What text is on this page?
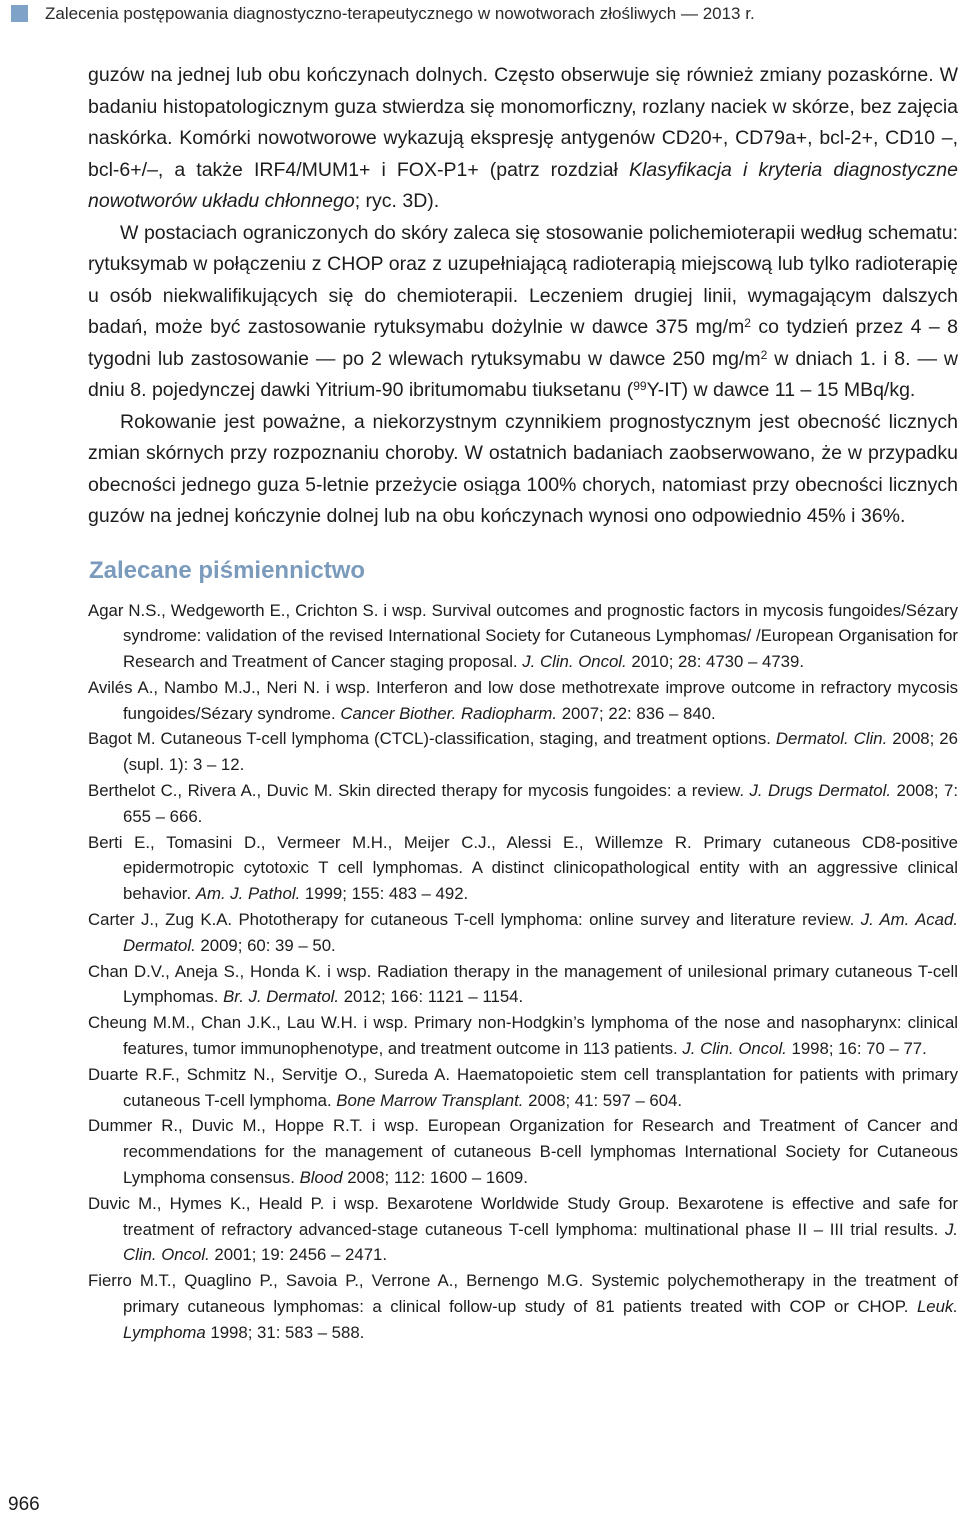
Zalecenia postępowania diagnostyczno-terapeutycznego w nowotworach złośliwych — 2013 r.

guzów na jednej lub obu kończynach dolnych. Często obserwuje się również zmiany pozaskórne. W badaniu histopatologicznym guza stwierdza się monomorficzny, rozlany naciek w skórze, bez zajęcia naskórka. Komórki nowotworowe wykazują ekspresję antygenów CD20+, CD79a+, bcl-2+, CD10 –, bcl-6+/–, a także IRF4/MUM1+ i FOX-P1+ (patrz rozdział Klasyfikacja i kryteria diagnostyczne nowotworów układu chłonnego; ryc. 3D).

W postaciach ograniczonych do skóry zaleca się stosowanie polichemioterapii według schematu: rytuksymab w połączeniu z CHOP oraz z uzupełniającą radioterapią miejscową lub tylko radioterapię u osób niekwalifikujących się do chemioterapii. Leczeniem drugiej linii, wymagającym dalszych badań, może być zastosowanie rytuksymabu dożylnie w dawce 375 $mg/m^2$ co tydzień przez 4 – 8 tygodni lub zastosowanie — po 2 wlewach rytuksymabu w dawce 250 $mg/m^2$ w dniach 1. i 8. — w dniu 8. pojedynczej dawki Yitrium-90 ibritumomabu tiuksetanu ($^{99}$Y-IT) w dawce 11 – 15 MBq/kg.

Rokowanie jest poważne, a niekorzystnym czynnikiem prognostycznym jest obecność licznych zmian skórnych przy rozpoznaniu choroby. W ostatnich badaniach zaobserwowano, że w przypadku obecności jednego guza 5-letnie przeżycie osiąga 100% chorych, natomiast przy obecności licznych guzów na jednej kończynie dolnej lub na obu kończynach wynosi ono odpowiednio 45% i 36%.

Zalecane piśmiennictwo

Agar N.S., Wedgeworth E., Crichton S. i wsp. Survival outcomes and prognostic factors in mycosis fungoides/Sézary syndrome: validation of the revised International Society for Cutaneous Lymphomas/ /European Organisation for Research and Treatment of Cancer staging proposal. J. Clin. Oncol. 2010; 28: 4730 – 4739.

Avilés A., Nambo M.J., Neri N. i wsp. Interferon and low dose methotrexate improve outcome in refractory mycosis fungoides/Sézary syndrome. Cancer Biother. Radiopharm. 2007; 22: 836 – 840.

Bagot M. Cutaneous T-cell lymphoma (CTCL)-classification, staging, and treatment options. Dermatol. Clin. 2008; 26 (supl. 1): 3 – 12.

Berthelot C., Rivera A., Duvic M. Skin directed therapy for mycosis fungoides: a review. J. Drugs Dermatol. 2008; 7: 655 – 666.

Berti E., Tomasini D., Vermeer M.H., Meijer C.J., Alessi E., Willemze R. Primary cutaneous CD8-positive epidermotropic cytotoxic T cell lymphomas. A distinct clinicopathological entity with an aggressive clinical behavior. Am. J. Pathol. 1999; 155: 483 – 492.

Carter J., Zug K.A. Phototherapy for cutaneous T-cell lymphoma: online survey and literature review. J. Am. Acad. Dermatol. 2009; 60: 39 – 50.

Chan D.V., Aneja S., Honda K. i wsp. Radiation therapy in the management of unilesional primary cutaneous T-cell Lymphomas. Br. J. Dermatol. 2012; 166: 1121 – 1154.

Cheung M.M., Chan J.K., Lau W.H. i wsp. Primary non-Hodgkin’s lymphoma of the nose and nasopharynx: clinical features, tumor immunophenotype, and treatment outcome in 113 patients. J. Clin. Oncol. 1998; 16: 70 – 77.

Duarte R.F., Schmitz N., Servitje O., Sureda A. Haematopoietic stem cell transplantation for patients with primary cutaneous T-cell lymphoma. Bone Marrow Transplant. 2008; 41: 597 – 604.

Dummer R., Duvic M., Hoppe R.T. i wsp. European Organization for Research and Treatment of Cancer and recommendations for the management of cutaneous B-cell lymphomas International Society for Cutaneous Lymphoma consensus. Blood 2008; 112: 1600 – 1609.

Duvic M., Hymes K., Heald P. i wsp. Bexarotene Worldwide Study Group. Bexarotene is effective and safe for treatment of refractory advanced-stage cutaneous T-cell lymphoma: multinational phase II – III trial results. J. Clin. Oncol. 2001; 19: 2456 – 2471.

Fierro M.T., Quaglino P., Savoia P., Verrone A., Bernengo M.G. Systemic polychemotherapy in the treatment of primary cutaneous lymphomas: a clinical follow-up study of 81 patients treated with COP or CHOP. Leuk. Lymphoma 1998; 31: 583 – 588.

966
